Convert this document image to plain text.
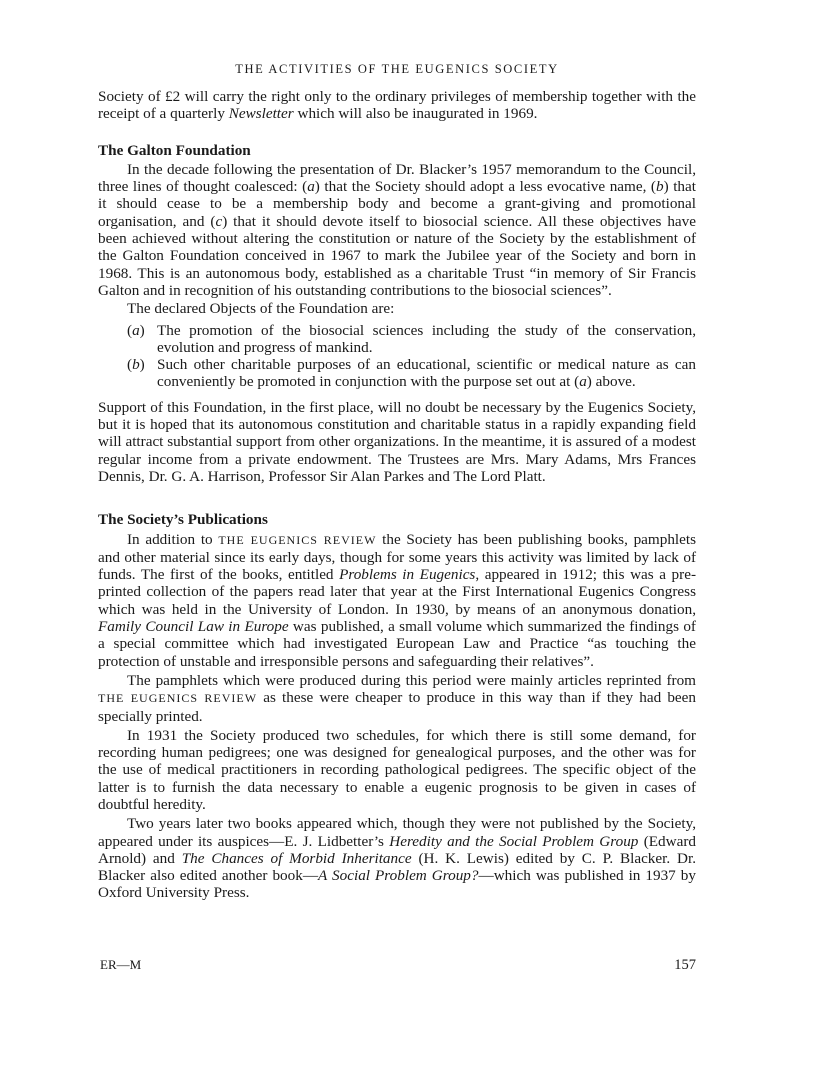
THE ACTIVITIES OF THE EUGENICS SOCIETY

Society of £2 will carry the right only to the ordinary privileges of membership together with the receipt of a quarterly Newsletter which will also be inaugurated in 1969.

The Galton Foundation

In the decade following the presentation of Dr. Blacker’s 1957 memorandum to the Council, three lines of thought coalesced: (a) that the Society should adopt a less evocative name, (b) that it should cease to be a membership body and become a grant-giving and promotional organisation, and (c) that it should devote itself to biosocial science. All these objectives have been achieved without altering the constitution or nature of the Society by the establishment of the Galton Foundation conceived in 1967 to mark the Jubilee year of the Society and born in 1968. This is an autonomous body, established as a charitable Trust “in memory of Sir Francis Galton and in recognition of his outstanding contributions to the biosocial sciences”.

The declared Objects of the Foundation are:

(a) The promotion of the biosocial sciences including the study of the conservation, evolution and progress of mankind.
(b) Such other charitable purposes of an educational, scientific or medical nature as can conveniently be promoted in conjunction with the purpose set out at (a) above.

Support of this Foundation, in the first place, will no doubt be necessary by the Eugenics Society, but it is hoped that its autonomous constitution and charitable status in a rapidly expanding field will attract substantial support from other organizations. In the meantime, it is assured of a modest regular income from a private endowment. The Trustees are Mrs. Mary Adams, Mrs Frances Dennis, Dr. G. A. Harrison, Professor Sir Alan Parkes and The Lord Platt.

The Society’s Publications

In addition to THE EUGENICS REVIEW the Society has been publishing books, pamphlets and other material since its early days, though for some years this activity was limited by lack of funds. The first of the books, entitled Problems in Eugenics, appeared in 1912; this was a pre-printed collection of the papers read later that year at the First International Eugenics Congress which was held in the University of London. In 1930, by means of an anonymous donation, Family Council Law in Europe was published, a small volume which summarized the findings of a special committee which had investigated European Law and Practice “as touching the protection of unstable and irresponsible persons and safeguarding their relatives”.

The pamphlets which were produced during this period were mainly articles reprinted from THE EUGENICS REVIEW as these were cheaper to produce in this way than if they had been specially printed.

In 1931 the Society produced two schedules, for which there is still some demand, for recording human pedigrees; one was designed for genealogical purposes, and the other was for the use of medical practitioners in recording pathological pedigrees. The specific object of the latter is to furnish the data necessary to enable a eugenic prognosis to be given in cases of doubtful heredity.

Two years later two books appeared which, though they were not published by the Society, appeared under its auspices—E. J. Lidbetter’s Heredity and the Social Problem Group (Edward Arnold) and The Chances of Morbid Inheritance (H. K. Lewis) edited by C. P. Blacker. Dr. Blacker also edited another book—A Social Problem Group?—which was published in 1937 by Oxford University Press.

ER—M	157
